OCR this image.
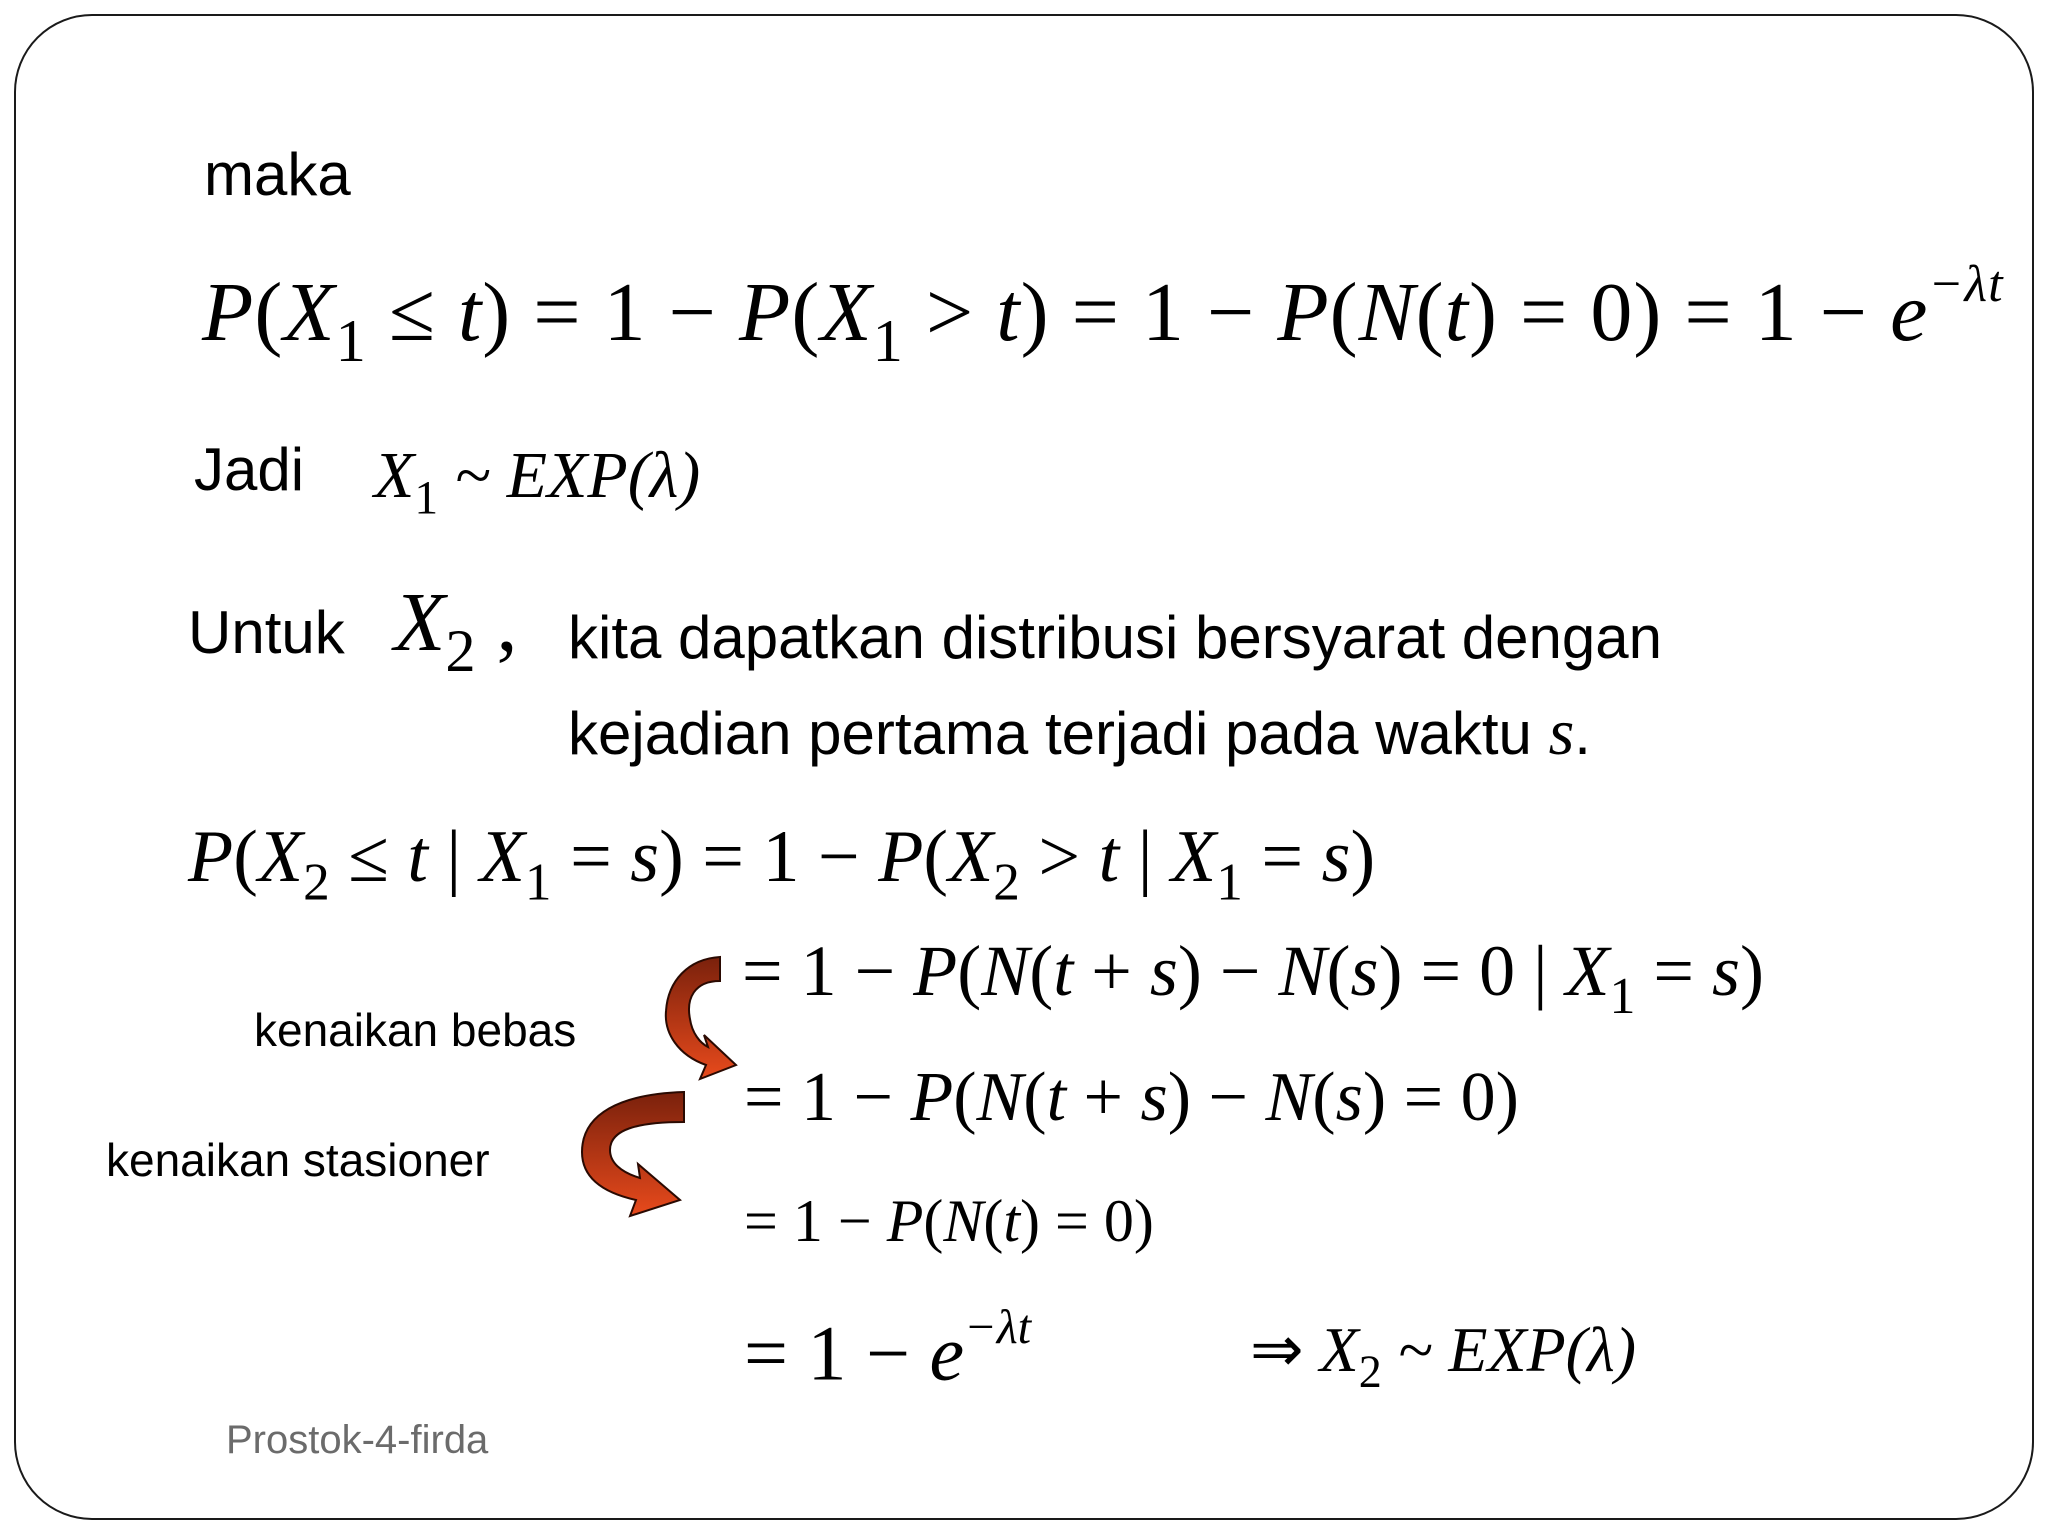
maka
$P(X_1 \le t) = 1 - P(X_1 > t) = 1 - P(N(t) = 0) = 1 - e^{-\lambda t}$
Jadi $X_1$ ~ EXP(λ)
Untuk $X_2$ , kita dapatkan distribusi bersyarat dengan
kejadian pertama terjadi pada waktu s.
$P(X_2 \le t$ | $X_1 = s) = 1 - P(X_2 > t$ | $X_1 = s$)
= 1 − P(N(t + s) − N(s) = 0 | $X_1 = s$)
= 1 − P(N(t + s) − N(s) = 0)
= 1 − P(N(t) = 0)
= $1 - e^{-\lambda t}$	⇒ $X_2$ ~ EXP(λ)
kenaikan bebas
kenaikan stasioner
Prostok-4-firda
